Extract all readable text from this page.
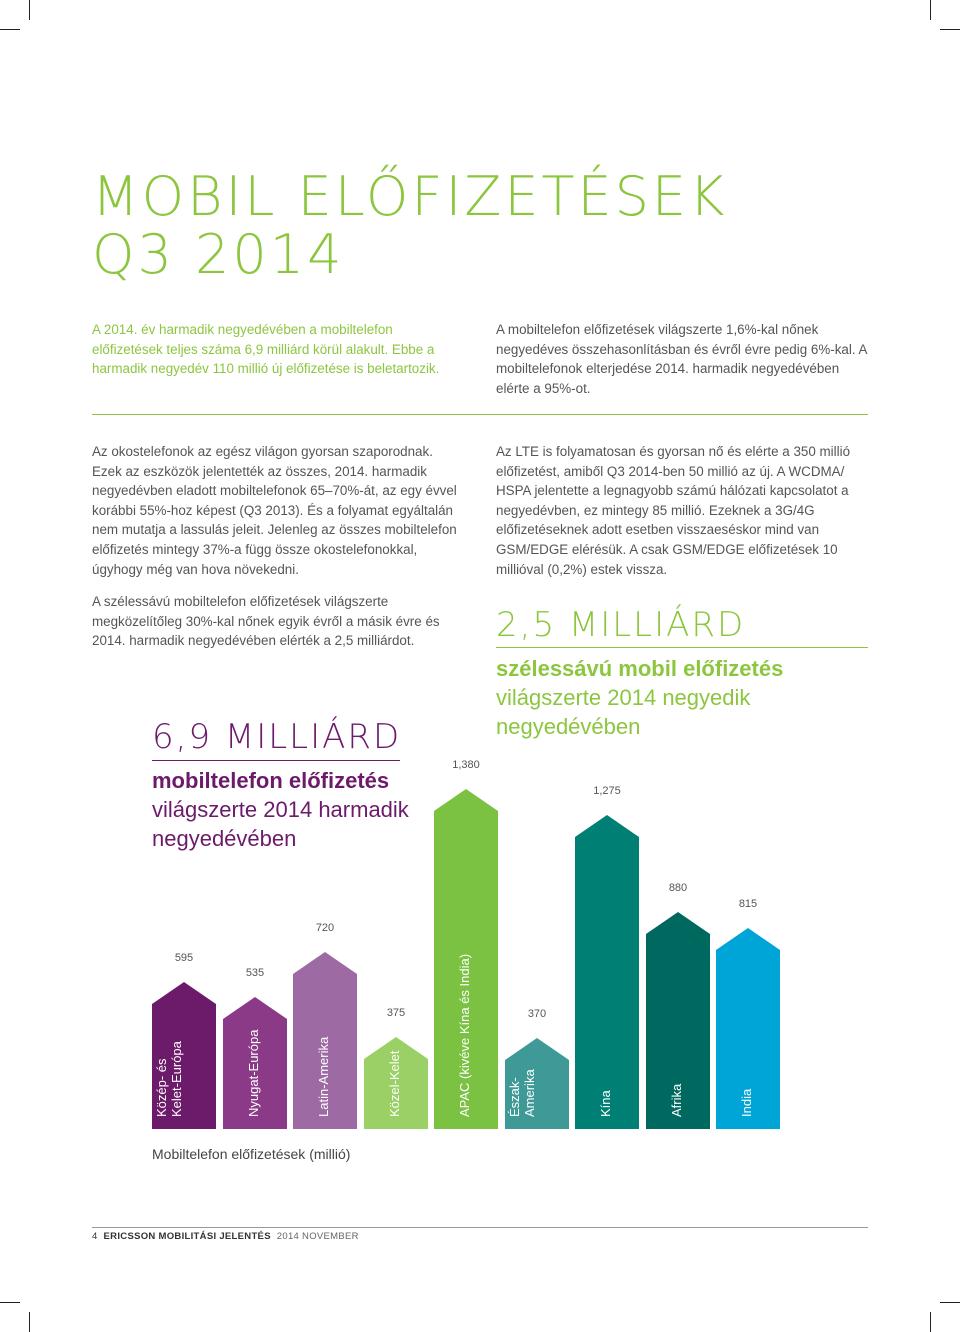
MOBIL ELŐFIZETÉSEK
Q3 2014

A 2014. év harmadik negyedévében a mobiltelefon előfizetések teljes száma 6,9 milliárd körül alakult. Ebbe a harmadik negyedév 110 millió új előfizetése is beletartozik.

A mobiltelefon előfizetések világszerte 1,6%-kal nőnek negyedéves összehasonlításban és évről évre pedig 6%-kal. A mobiltelefonok elterjedése 2014. harmadik negyedévében elérte a 95%-ot.

Az okostelefonok az egész világon gyorsan szaporodnak. Ezek az eszközök jelentették az összes, 2014. harmadik negyedévben eladott mobiltelefonok 65–70%-át, az egy évvel korábbi 55%-hoz képest (Q3 2013). És a folyamat egyáltalán nem mutatja a lassulás jeleit. Jelenleg az összes mobiltelefon előfizetés mintegy 37%-a függ össze okostelefonokkal, úgyhogy még van hova növekedni.

A szélessávú mobiltelefon előfizetések világszerte megközelítőleg 30%-kal nőnek egyik évről a másik évre és 2014. harmadik negyedévében elérték a 2,5 milliárdot.

Az LTE is folyamatosan és gyorsan nő és elérte a 350 millió előfizetést, amiből Q3 2014-ben 50 millió az új. A WCDMA/ HSPA jelentette a legnagyobb számú hálózati kapcsolatot a negyedévben, ez mintegy 85 millió. Ezeknek a 3G/4G előfizetéseknek adott esetben visszaeséskor mind van GSM/EDGE elérésük. A csak GSM/EDGE előfizetések 10 millióval (0,2%) estek vissza.

2,5 MILLIÁRD

szélessávú mobil előfizetés
világszerte 2014 negyedik negyedévében

6,9 MILLIÁRD

mobiltelefon előfizetés világszerte 2014 harmadik negyedévében

Közép- és
Kelet-Európa
595
Nyugat-Európa
535
Latin-Amerika
720
Közel-Kelet
375	APAC (kivéve Kína és India)
1,380
Észak-
Amerika
370
Kína
1,275
Afrika
880
India
815

Mobiltelefon előfizetések (millió)

4 ERICSSON MOBILITÁSI JELENTÉS 2014 NOVEMBER
